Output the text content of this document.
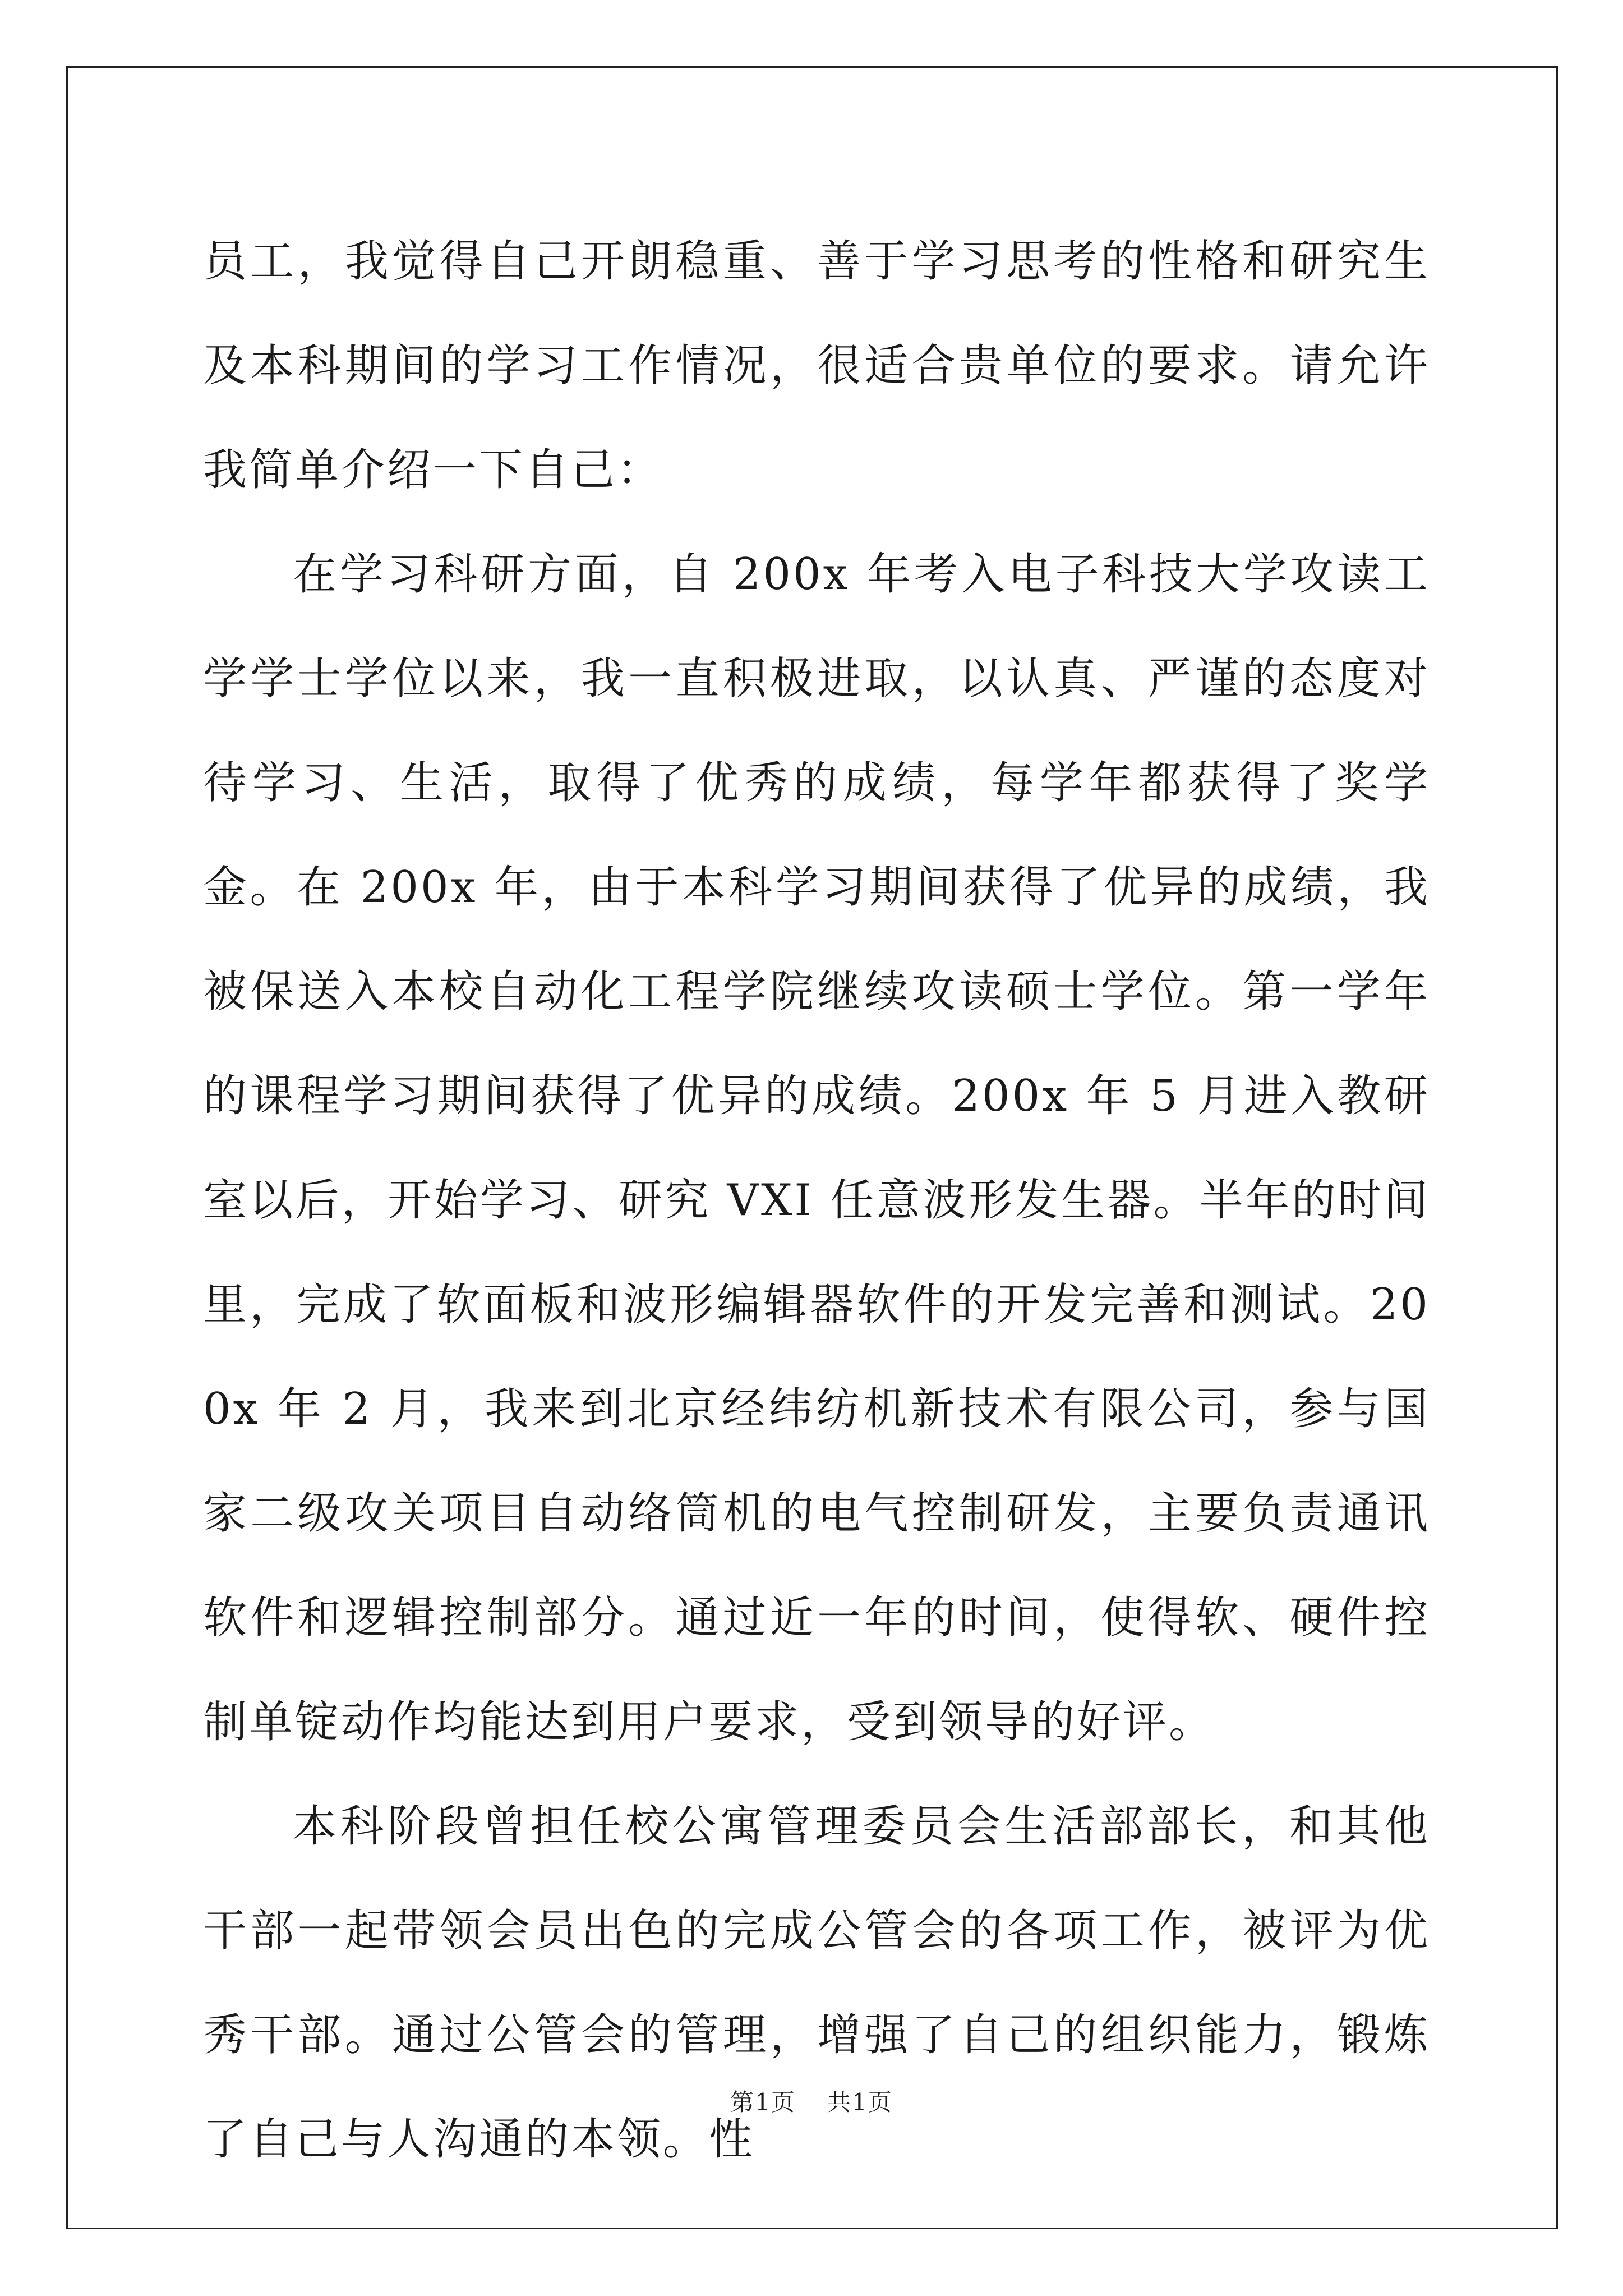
员工，我觉得自己开朗稳重、善于学习思考的性格和研究生及本科期间的学习工作情况，很适合贵单位的要求。请允许我简单介绍一下自己：

在学习科研方面，自 200x 年考入电子科技大学攻读工学学士学位以来，我一直积极进取，以认真、严谨的态度对待学习、生活，取得了优秀的成绩，每学年都获得了奖学金。在 200x 年，由于本科学习期间获得了优异的成绩，我被保送入本校自动化工程学院继续攻读硕士学位。第一学年的课程学习期间获得了优异的成绩。200x 年 5 月进入教研室以后，开始学习、研究 VXI 任意波形发生器。半年的时间里，完成了软面板和波形编辑器软件的开发完善和测试。200x 年 2 月，我来到北京经纬纺机新技术有限公司，参与国家二级攻关项目自动络筒机的电气控制研发，主要负责通讯软件和逻辑控制部分。通过近一年的时间，使得软、硬件控制单锭动作均能达到用户要求，受到领导的好评。

本科阶段曾担任校公寓管理委员会生活部部长，和其他干部一起带领会员出色的完成公管会的各项工作，被评为优秀干部。通过公管会的管理，增强了自己的组织能力，锻炼了自己与人沟通的本领。性

第1页 共1页
